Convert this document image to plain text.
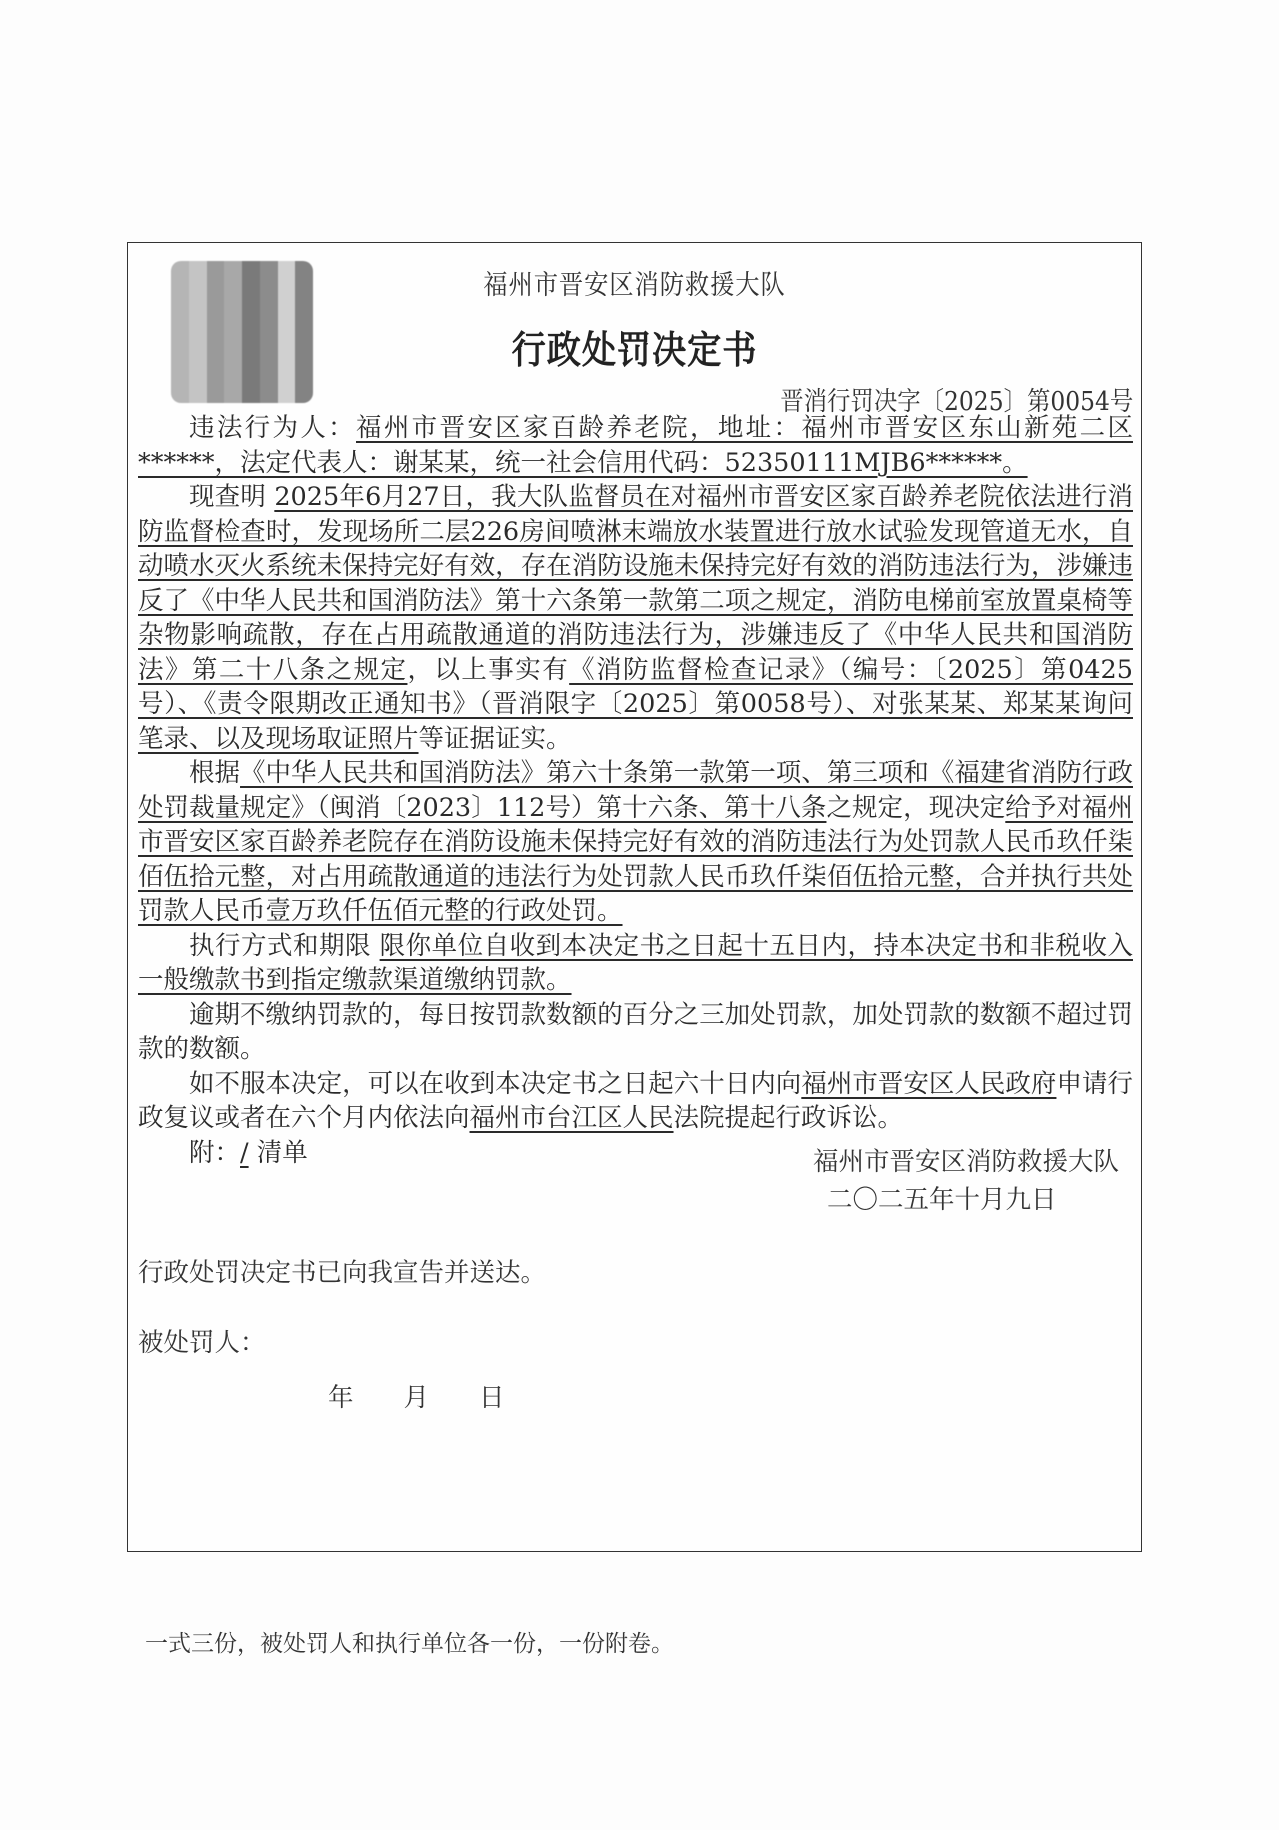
福州市晋安区消防救援大队
行政处罚决定书
晋消行罚决字〔2025〕第0054号

违法行为人：福州市晋安区家百龄养老院，地址：福州市晋安区东山新苑二区******，法定代表人：谢某某，统一社会信用代码：52350111MJB6******。

现查明 2025年6月27日，我大队监督员在对福州市晋安区家百龄养老院依法进行消防监督检查时，发现场所二层226房间喷淋末端放水装置进行放水试验发现管道无水，自动喷水灭火系统未保持完好有效，存在消防设施未保持完好有效的消防违法行为，涉嫌违反了《中华人民共和国消防法》第十六条第一款第二项之规定，消防电梯前室放置桌椅等杂物影响疏散，存在占用疏散通道的消防违法行为，涉嫌违反了《中华人民共和国消防法》第二十八条之规定，以上事实有《消防监督检查记录》（编号：〔2025〕第0425号）、《责令限期改正通知书》（晋消限字〔2025〕第0058号）、对张某某、郑某某询问笔录、以及现场取证照片等证据证实。

根据《中华人民共和国消防法》第六十条第一款第一项、第三项和《福建省消防行政处罚裁量规定》（闽消〔2023〕112号）第十六条、第十八条之规定，现决定给予对福州市晋安区家百龄养老院存在消防设施未保持完好有效的消防违法行为处罚款人民币玖仟柒佰伍拾元整，对占用疏散通道的违法行为处罚款人民币玖仟柒佰伍拾元整，合并执行共处罚款人民币壹万玖仟伍佰元整的行政处罚。

执行方式和期限 限你单位自收到本决定书之日起十五日内，持本决定书和非税收入一般缴款书到指定缴款渠道缴纳罚款。

逾期不缴纳罚款的，每日按罚款数额的百分之三加处罚款，加处罚款的数额不超过罚款的数额。

如不服本决定，可以在收到本决定书之日起六十日内向福州市晋安区人民政府申请行政复议或者在六个月内依法向福州市台江区人民法院提起行政诉讼。

附：/ 清单	福州市晋安区消防救援大队
二〇二五年十月九日
行政处罚决定书已向我宣告并送达。
被处罚人：
年 月 日
一式三份，被处罚人和执行单位各一份，一份附卷。
